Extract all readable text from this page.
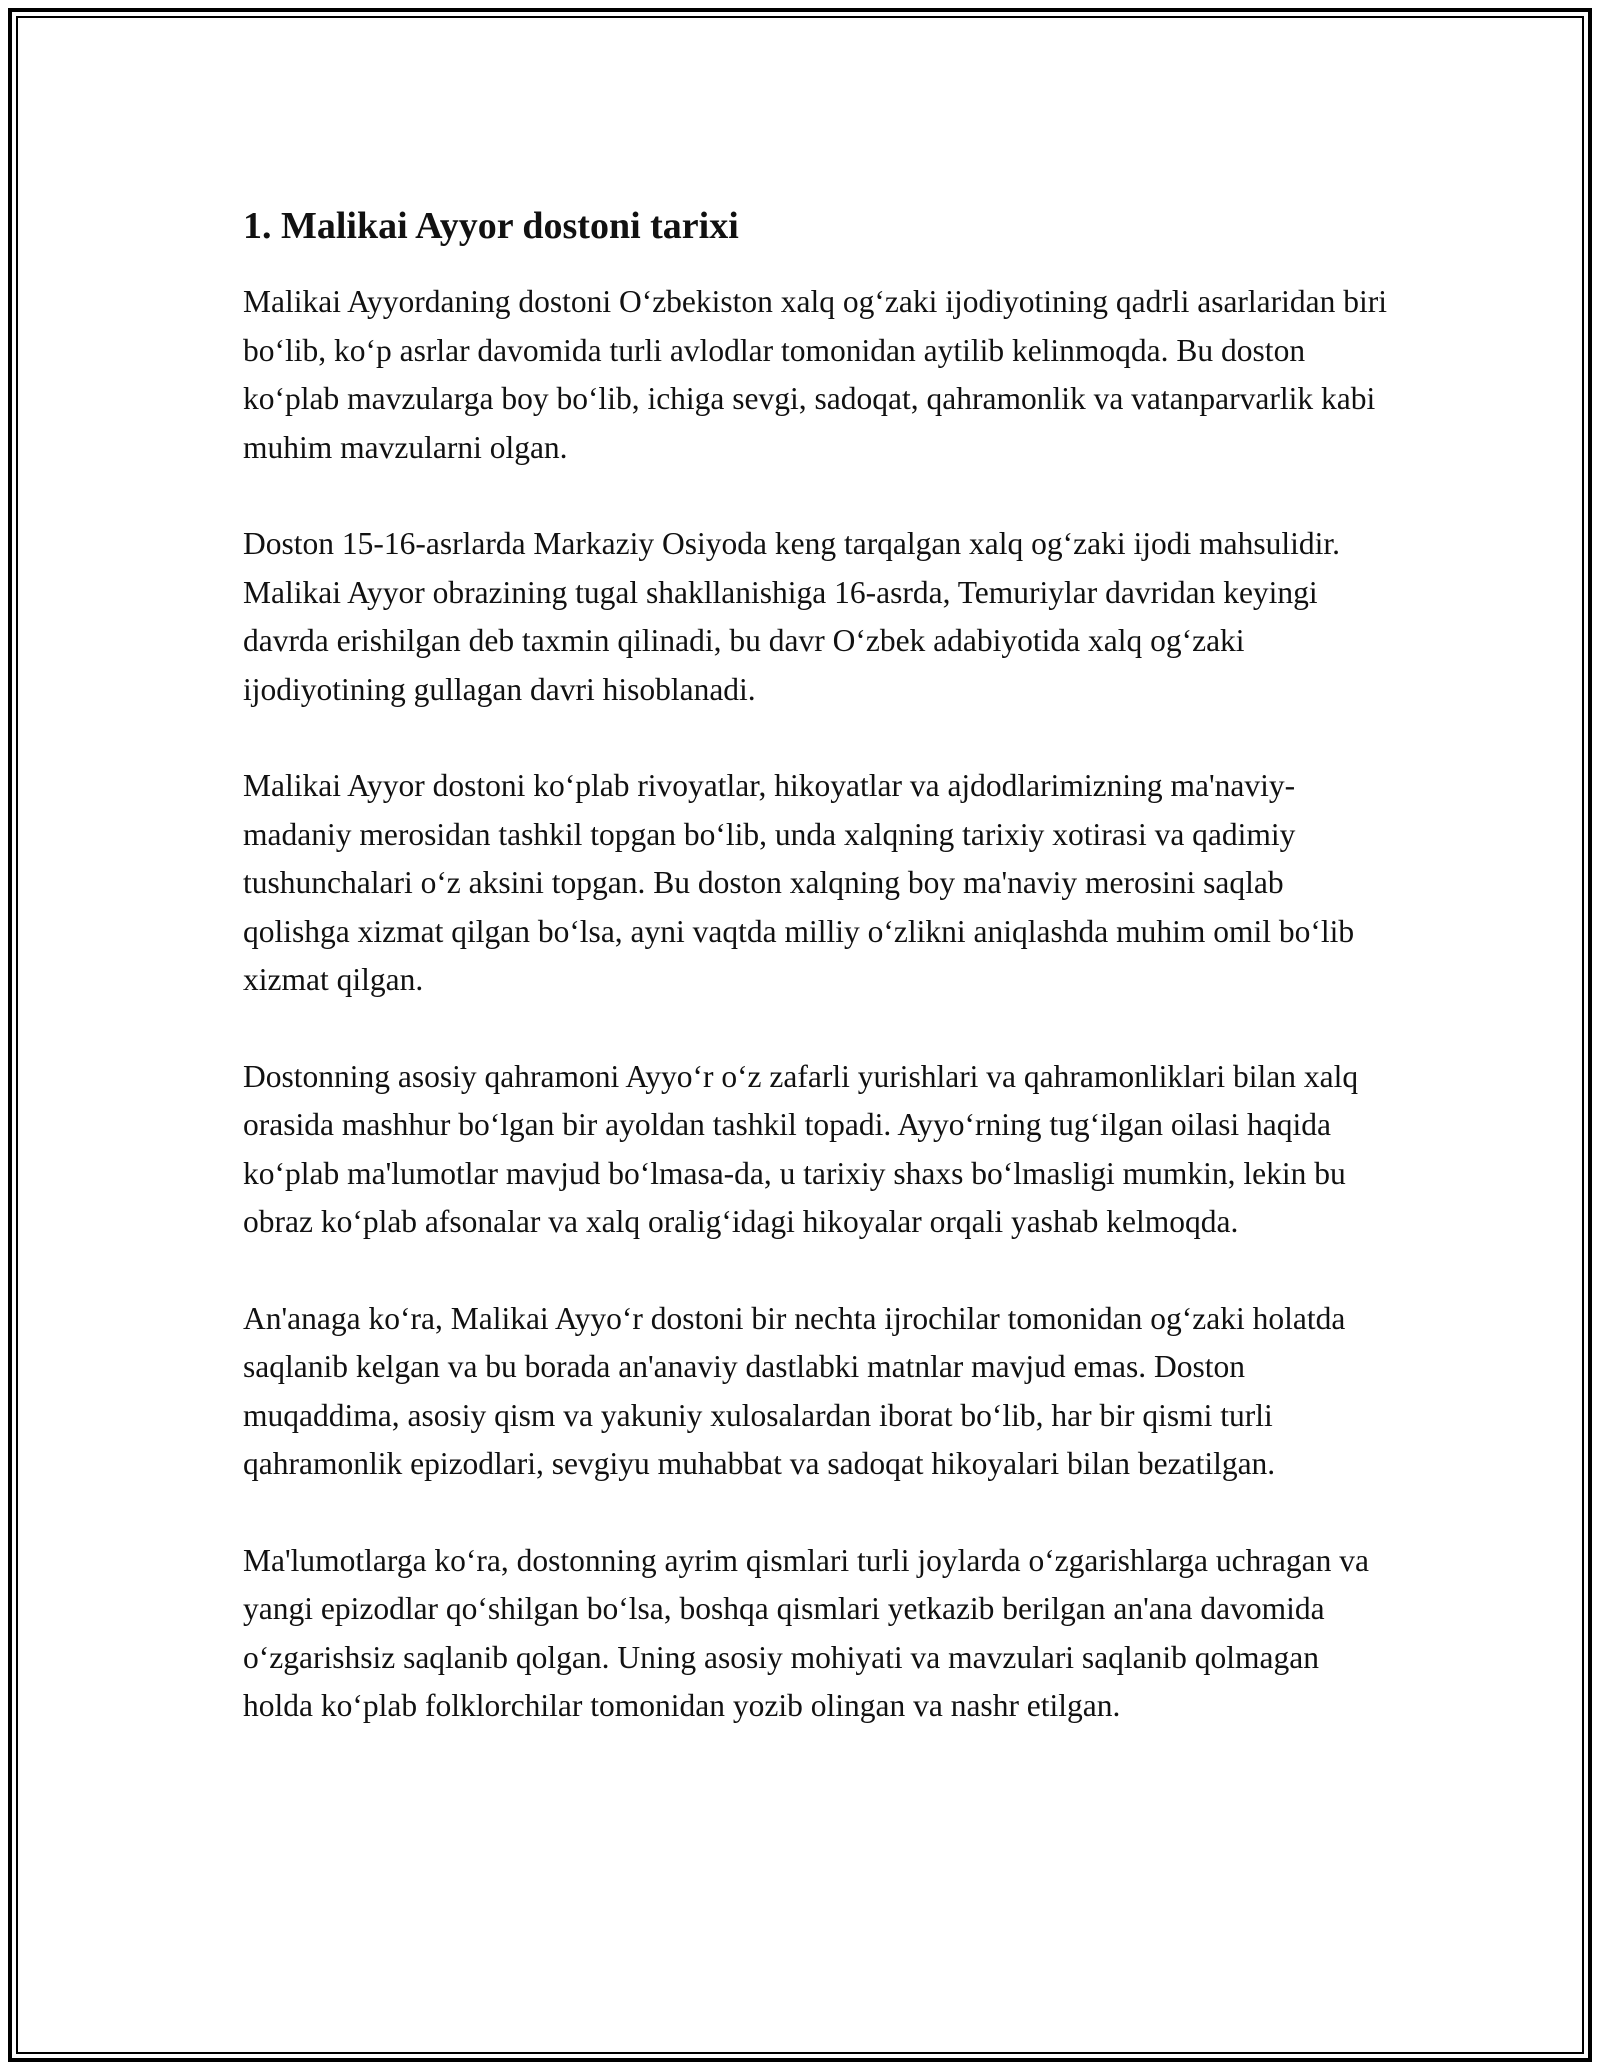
1. Malikai Ayyor dostoni tarixi

Malikai Ayyordaning dostoni O‘zbekiston xalq og‘zaki ijodiyotining qadrli asarlaridan biri bo‘lib, ko‘p asrlar davomida turli avlodlar tomonidan aytilib kelinmoqda. Bu doston ko‘plab mavzularga boy bo‘lib, ichiga sevgi, sadoqat, qahramonlik va vatanparvarlik kabi muhim mavzularni olgan.

Doston 15-16-asrlarda Markaziy Osiyoda keng tarqalgan xalq og‘zaki ijodi mahsulidir. Malikai Ayyor obrazining tugal shakllanishiga 16-asrda, Temuriylar davridan keyingi davrda erishilgan deb taxmin qilinadi, bu davr O‘zbek adabiyotida xalq og‘zaki ijodiyotining gullagan davri hisoblanadi.

Malikai Ayyor dostoni ko‘plab rivoyatlar, hikoyatlar va ajdodlarimizning ma'naviy-madaniy merosidan tashkil topgan bo‘lib, unda xalqning tarixiy xotirasi va qadimiy tushunchalari o‘z aksini topgan. Bu doston xalqning boy ma'naviy merosini saqlab qolishga xizmat qilgan bo‘lsa, ayni vaqtda milliy o‘zlikni aniqlashda muhim omil bo‘lib xizmat qilgan.

Dostonning asosiy qahramoni Ayyo‘r o‘z zafarli yurishlari va qahramonliklari bilan xalq orasida mashhur bo‘lgan bir ayoldan tashkil topadi. Ayyo‘rning tug‘ilgan oilasi haqida ko‘plab ma'lumotlar mavjud bo‘lmasa-da, u tarixiy shaxs bo‘lmasligi mumkin, lekin bu obraz ko‘plab afsonalar va xalq oralig‘idagi hikoyalar orqali yashab kelmoqda.

An'anaga ko‘ra, Malikai Ayyo‘r dostoni bir nechta ijrochilar tomonidan og‘zaki holatda saqlanib kelgan va bu borada an'anaviy dastlabki matnlar mavjud emas. Doston muqaddima, asosiy qism va yakuniy xulosalardan iborat bo‘lib, har bir qismi turli qahramonlik epizodlari, sevgiyu muhabbat va sadoqat hikoyalari bilan bezatilgan.

Ma'lumotlarga ko‘ra, dostonning ayrim qismlari turli joylarda o‘zgarishlarga uchragan va yangi epizodlar qo‘shilgan bo‘lsa, boshqa qismlari yetkazib berilgan an'ana davomida o‘zgarishsiz saqlanib qolgan. Uning asosiy mohiyati va mavzulari saqlanib qolmagan holda ko‘plab folklorchilar tomonidan yozib olingan va nashr etilgan.
